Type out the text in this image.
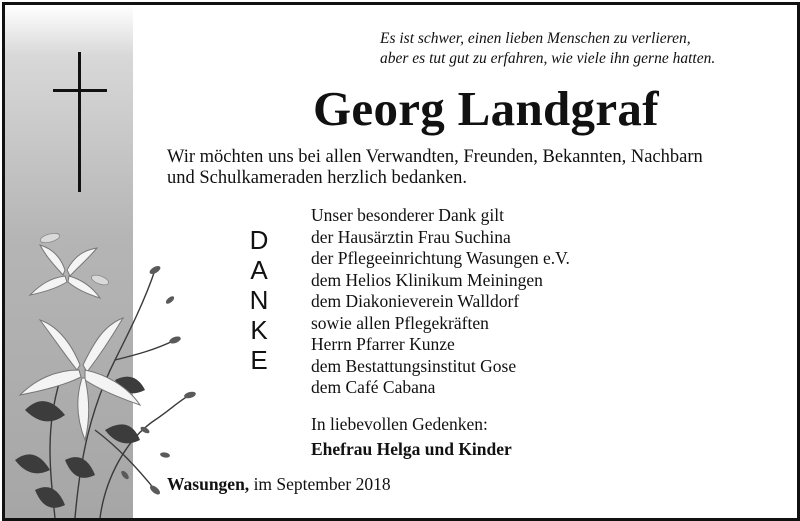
Es ist schwer, einen lieben Menschen zu verlieren,
aber es tut gut zu erfahren, wie viele ihn gerne hatten.
Georg Landgraf
Wir möchten uns bei allen Verwandten, Freunden, Bekannten, Nachbarn
und Schulkameraden herzlich bedanken.
D
A
N
K
E
Unser besonderer Dank gilt
der Hausärztin Frau Suchina
der Pflegeeinrichtung Wasungen e.V.
dem Helios Klinikum Meiningen
dem Diakonieverein Walldorf
sowie allen Pflegekräften
Herrn Pfarrer Kunze
dem Bestattungsinstitut Gose
dem Café Cabana
In liebevollen Gedenken:
Ehefrau Helga und Kinder
Wasungen, im September 2018
